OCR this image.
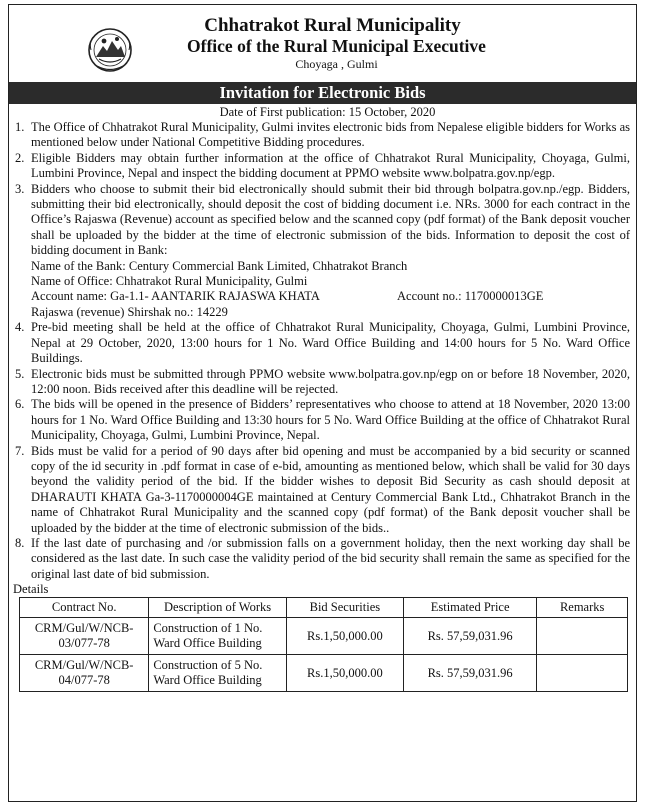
Chhatrakot Rural Municipality
Office of the Rural Municipal Executive
Choyaga , Gulmi
Invitation for Electronic Bids
Date of First publication: 15 October, 2020
1. The Office of Chhatrakot Rural Municipality, Gulmi invites electronic bids from Nepalese eligible bidders for Works as mentioned below under National Competitive Bidding procedures.
2. Eligible Bidders may obtain further information at the office of Chhatrakot Rural Municipality, Choyaga, Gulmi, Lumbini Province, Nepal and inspect the bidding document at PPMO website www.bolpatra.gov.np/egp.
3. Bidders who choose to submit their bid electronically should submit their bid through bolpatra.gov.np./egp. Bidders, submitting their bid electronically, should deposit the cost of bidding document i.e. NRs. 3000 for each contract in the Office’s Rajaswa (Revenue) account as specified below and the scanned copy (pdf format) of the Bank deposit voucher shall be uploaded by the bidder at the time of electronic submission of the bids. Information to deposit the cost of bidding document in Bank:
Name of the Bank: Century Commercial Bank Limited, Chhatrakot Branch
Name of Office: Chhatrakot Rural Municipality, Gulmi
Account name: Ga-1.1- AANTARIK RAJASWA KHATA	Account no.: 1170000013GE
Rajaswa (revenue) Shirshak no.: 14229
4. Pre-bid meeting shall be held at the office of Chhatrakot Rural Municipality, Choyaga, Gulmi, Lumbini Province, Nepal at 29 October, 2020, 13:00 hours for 1 No. Ward Office Building and 14:00 hours for 5 No. Ward Office Buildings.
5. Electronic bids must be submitted through PPMO website www.bolpatra.gov.np/egp on or before 18 November, 2020, 12:00 noon. Bids received after this deadline will be rejected.
6. The bids will be opened in the presence of Bidders’ representatives who choose to attend at 18 November, 2020 13:00 hours for 1 No. Ward Office Building and 13:30 hours for 5 No. Ward Office Building at the office of Chhatrakot Rural Municipality, Choyaga, Gulmi, Lumbini Province, Nepal.
7. Bids must be valid for a period of 90 days after bid opening and must be accompanied by a bid security or scanned copy of the id security in .pdf format in case of e-bid, amounting as mentioned below, which shall be valid for 30 days beyond the validity period of the bid. If the bidder wishes to deposit Bid Security as cash should deposit at DHARAUTI KHATA Ga-3-1170000004GE maintained at Century Commercial Bank Ltd., Chhatrakot Branch in the name of Chhatrakot Rural Municipality and the scanned copy (pdf format) of the Bank deposit voucher shall be uploaded by the bidder at the time of electronic submission of the bids..
8. If the last date of purchasing and /or submission falls on a government holiday, then the next working day shall be considered as the last date. In such case the validity period of the bid security shall remain the same as specified for the original last date of bid submission.
Details
Contract No.	Description of Works	Bid Securities	Estimated Price	Remarks
CRM/Gul/W/NCB-03/077-78	Construction of 1 No. Ward Office Building	Rs.1,50,000.00	Rs. 57,59,031.96	
CRM/Gul/W/NCB-04/077-78	Construction of 5 No. Ward Office Building	Rs.1,50,000.00	Rs. 57,59,031.96	
